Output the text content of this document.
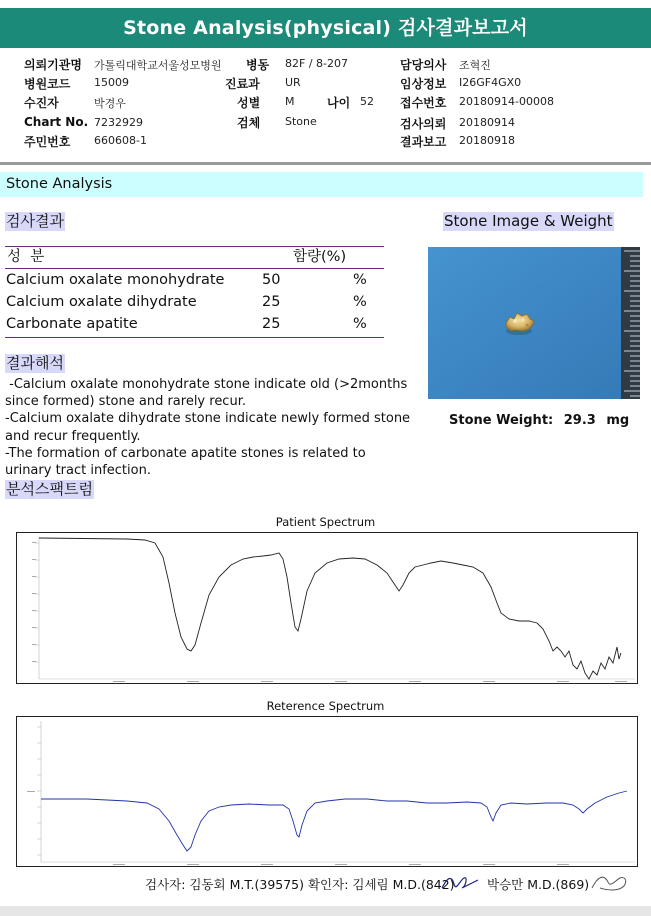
Stone Analysis(physical) 검사결과보고서
의뢰기관명 가톨릭대학교서울성모병원 병동 82F / 8-207	담당의사 조혁진
병원코드 15009	진료과 UR	임상정보 I26GF4GX0
수진자	박경우	성별 M	나이 52 접수번호 20180914-00008
Chart No. 7232929	검체 Stone	검사의뢰 20180914
주민번호 660608-1	결과보고 20180918
Stone Analysis
검사결과	Stone Image & Weight
성  분	함량(%)
Calcium oxalate monohydrate	50	%
Calcium oxalate dihydrate	25	%
Carbonate apatite	25	%
결과해석
-Calcium oxalate monohydrate stone indicate old (>2months
since formed) stone and rarely recur.
-Calcium oxalate dihydrate stone indicate newly formed stone
and recur frequently.
-The formation of carbonate apatite stones is related to
urinary tract infection.
Stone Weight: 29.3 mg
분석스팩트럼
Patient Spectrum
Reterence Spectrum
검사자: 김동회 M.T.(39575) 확인자: 김세림 M.D.(842)	박승만 M.D.(869)
